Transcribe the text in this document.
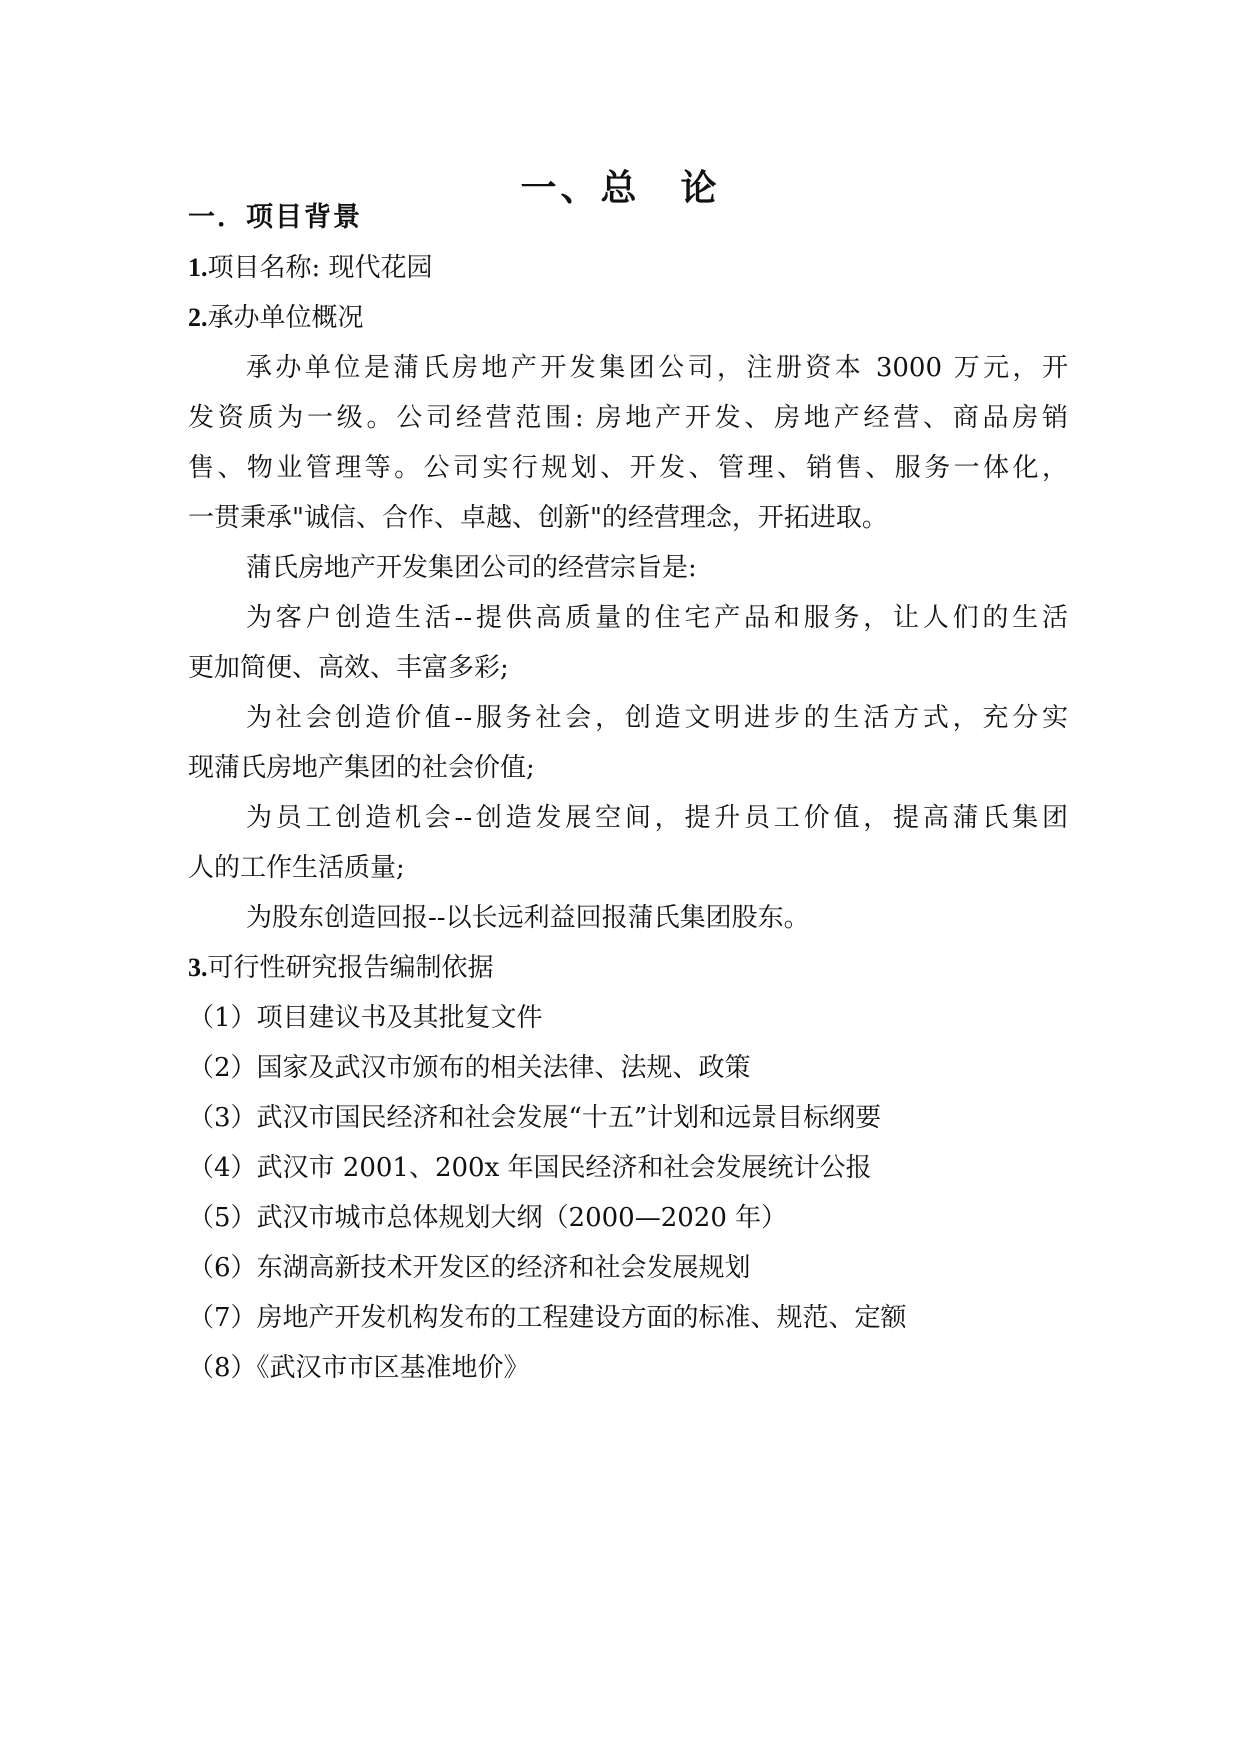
一、总　论

一．项目背景

1.项目名称: 现代花园

2.承办单位概况

承办单位是蒲氏房地产开发集团公司，注册资本 3000 万元，开

发资质为一级。公司经营范围: 房地产开发、房地产经营、商品房销

售、物业管理等。公司实行规划、开发、管理、销售、服务一体化，

一贯秉承"诚信、合作、卓越、创新"的经营理念，开拓进取。

蒲氏房地产开发集团公司的经营宗旨是:

为客户创造生活--提供高质量的住宅产品和服务，让人们的生活

更加简便、高效、丰富多彩;

为社会创造价值--服务社会，创造文明进步的生活方式，充分实

现蒲氏房地产集团的社会价值;

为员工创造机会--创造发展空间，提升员工价值，提高蒲氏集团

人的工作生活质量;

为股东创造回报--以长远利益回报蒲氏集团股东。

3.可行性研究报告编制依据

（1）项目建议书及其批复文件

（2）国家及武汉市颁布的相关法律、法规、政策

（3）武汉市国民经济和社会发展“十五”计划和远景目标纲要

（4）武汉市 2001、200x 年国民经济和社会发展统计公报

（5）武汉市城市总体规划大纲（2000—2020 年）

（6）东湖高新技术开发区的经济和社会发展规划

（7）房地产开发机构发布的工程建设方面的标准、规范、定额

（8）《武汉市市区基准地价》
